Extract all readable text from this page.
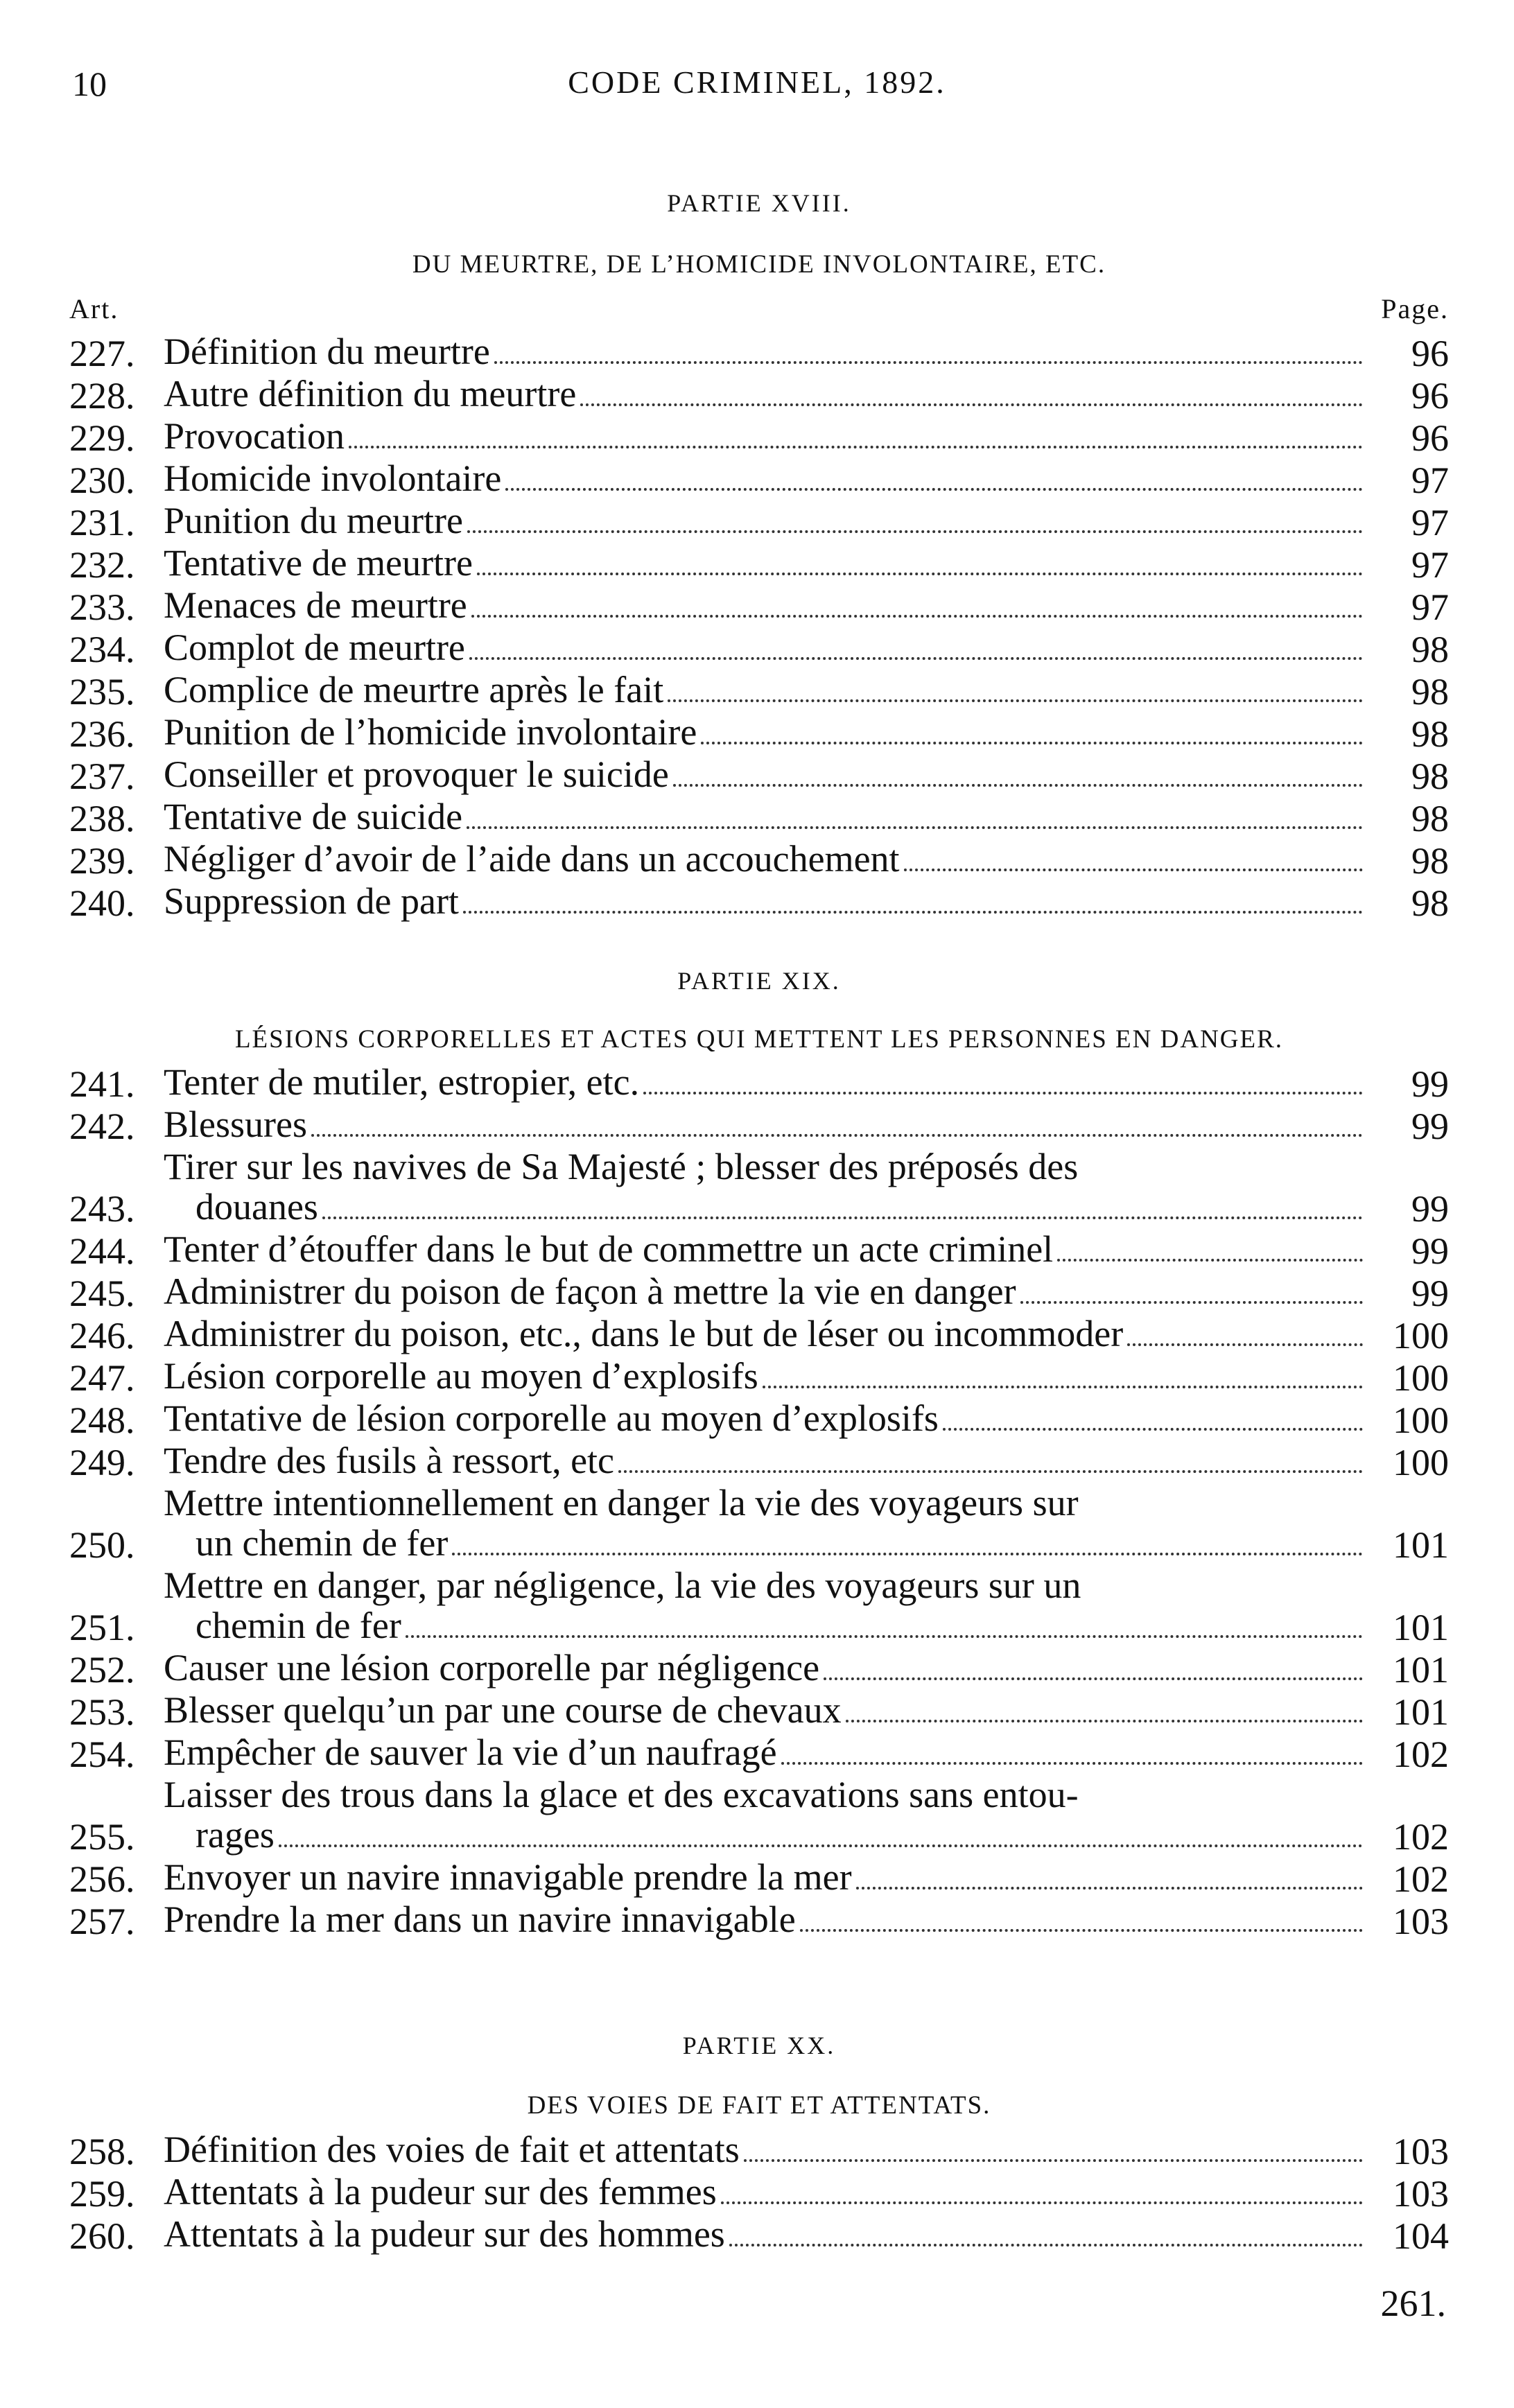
10	CODE CRIMINEL, 1892.

PARTIE XVIII.

DU MEURTRE, DE L’HOMICIDE INVOLONTAIRE, ETC.

Art.	Page.
227. Définition du meurtre	96
228. Autre définition du meurtre	96
229. Provocation	96
230. Homicide involontaire	97
231. Punition du meurtre	97
232. Tentative de meurtre	97
233. Menaces de meurtre	97
234. Complot de meurtre	98
235. Complice de meurtre après le fait	98
236. Punition de l’homicide involontaire	98
237. Conseiller et provoquer le suicide	98
238. Tentative de suicide	98
239. Négliger d’avoir de l’aide dans un accouchement	98
240. Suppression de part	98

PARTIE XIX.

LÉSIONS CORPORELLES ET ACTES QUI METTENT LES PERSONNES EN DANGER.

241. Tenter de mutiler, estropier, etc.	99
242. Blessures	99
243.
Tirer sur les navives de Sa Majesté ; blesser des préposés des
douanes	99
244. Tenter d’étouffer dans le but de commettre un acte criminel	99
245. Administrer du poison de façon à mettre la vie en danger	99
246. Administrer du poison, etc., dans le but de léser ou incommoder	100
247. Lésion corporelle au moyen d’explosifs	100
248. Tentative de lésion corporelle au moyen d’explosifs	100
249. Tendre des fusils à ressort, etc	100
250.
Mettre intentionnellement en danger la vie des voyageurs sur
un chemin de fer	101
251.
Mettre en danger, par négligence, la vie des voyageurs sur un
chemin de fer	101
252. Causer une lésion corporelle par négligence	101
253. Blesser quelqu’un par une course de chevaux	101
254. Empêcher de sauver la vie d’un naufragé	102
255.
Laisser des trous dans la glace et des excavations sans entou-
rages	102
256. Envoyer un navire innavigable prendre la mer	102
257. Prendre la mer dans un navire innavigable	103

PARTIE XX.

DES VOIES DE FAIT ET ATTENTATS.

258. Définition des voies de fait et attentats	103
259. Attentats à la pudeur sur des femmes	103
260. Attentats à la pudeur sur des hommes	104
261.
